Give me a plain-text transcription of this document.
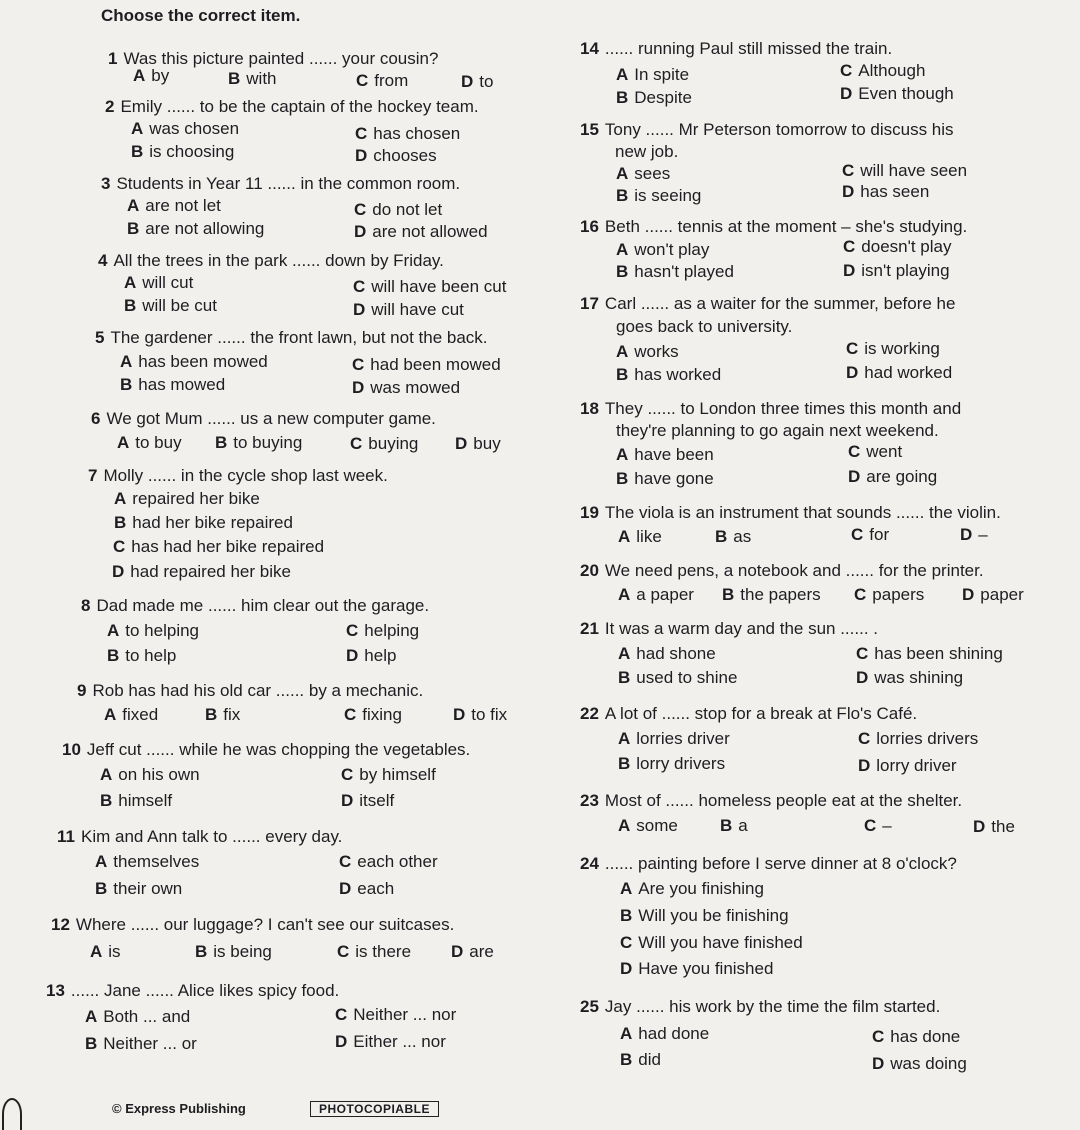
Choose the correct item.
1 Was this picture painted ...... your cousin?
A by	B with	C from	D to
2 Emily ...... to be the captain of the hockey team.
A was chosen
B is choosing
C has chosen
D chooses
3 Students in Year 11 ...... in the common room.
A are not let
B are not allowing
C do not let
D are not allowed
4 All the trees in the park ...... down by Friday.
A will cut
B will be cut
C will have been cut
D will have cut
5 The gardener ...... the front lawn, but not the back.
A has been mowed
B has mowed
C had been mowed
D was mowed
6 We got Mum ...... us a new computer game.
A to buy B to buying	C buying D buy
7 Molly ...... in the cycle shop last week.
A repaired her bike
B had her bike repaired
C has had her bike repaired
D had repaired her bike
8 Dad made me ...... him clear out the garage.
A to helping
B to help
C helping
D help
9 Rob has had his old car ...... by a mechanic.
A fixed	B fix	C fixing	D to fix
10 Jeff cut ...... while he was chopping the vegetables.
A on his own
B himself
C by himself
D itself
11 Kim and Ann talk to ...... every day.
A themselves
B their own
C each other
D each
12 Where ...... our luggage? I can't see our suitcases.
A is	B is being	C is there D are
13 ...... Jane ...... Alice likes spicy food.
A Both ... and
B Neither ... or
C Neither ... nor
D Either ... nor
14 ...... running Paul still missed the train.
A In spite
B Despite
C Although
D Even though
15 Tony ...... Mr Peterson tomorrow to discuss his
new job.
A sees
B is seeing
C will have seen
D has seen
16 Beth ...... tennis at the moment – she's studying.
A won't play
B hasn't played
C doesn't play
D isn't playing
17 Carl ...... as a waiter for the summer, before he
goes back to university.
A works
B has worked
C is working
D had worked
18 They ...... to London three times this month and
they're planning to go again next weekend.
A have been
B have gone
C went
D are going
19 The viola is an instrument that sounds ...... the violin.
A like	B as	C for	D –
20 We need pens, a notebook and ...... for the printer.
A a paper B the papers C papers D paper
21 It was a warm day and the sun ...... .
A had shone
B used to shine
C has been shining
D was shining
22 A lot of ...... stop for a break at Flo's Café.
A lorries driver
B lorry drivers
C lorries drivers
D lorry driver
23 Most of ...... homeless people eat at the shelter.
A some B a	C –	D the
24 ...... painting before I serve dinner at 8 o'clock?
A Are you finishing
B Will you be finishing
C Will you have finished
D Have you finished
25 Jay ...... his work by the time the film started.
A had done
B did
C has done
D was doing
© Express Publishing	PHOTOCOPIABLE
